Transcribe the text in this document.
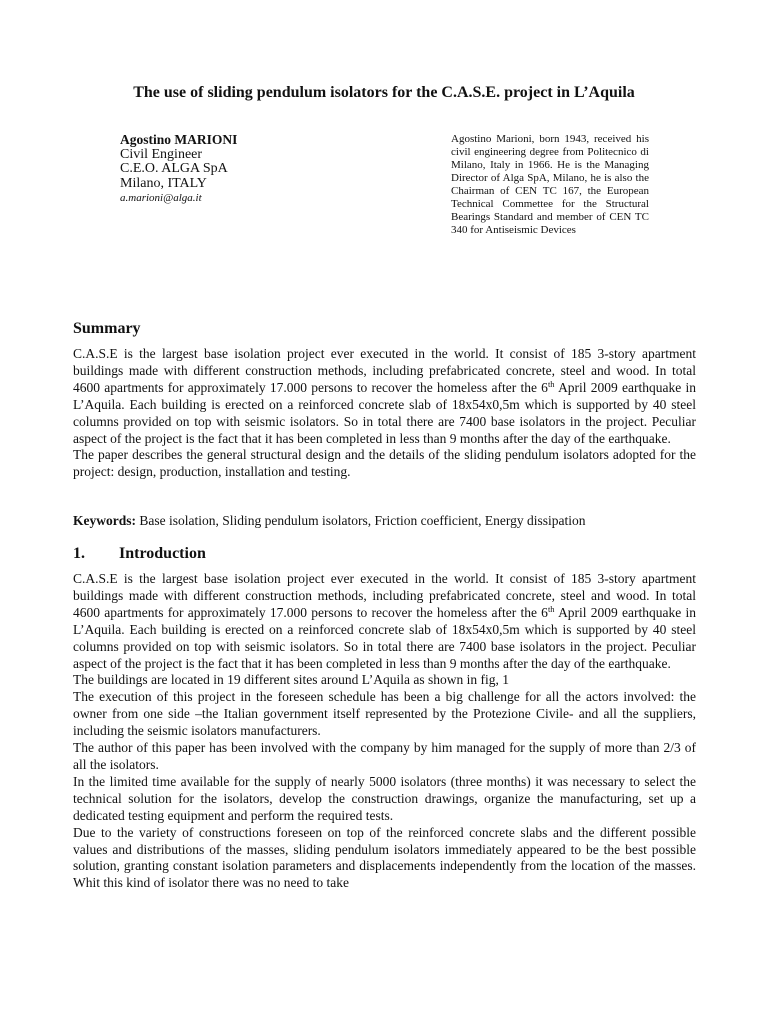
The use of sliding pendulum isolators for the C.A.S.E. project in L’Aquila
Agostino MARIONI
Civil Engineer
C.E.O. ALGA SpA
Milano, ITALY
a.marioni@alga.it
Agostino Marioni, born 1943, received his civil engineering degree from Politecnico di Milano, Italy in 1966. He is the Managing Director of Alga SpA, Milano, he is also the Chairman of CEN TC 167, the European Technical Commettee for the Structural Bearings Standard and member of CEN TC 340 for Antiseismic Devices
Summary

C.A.S.E is the largest base isolation project ever executed in the world. It consist of 185 3-story apartment buildings made with different construction methods, including prefabricated concrete, steel and wood. In total 4600 apartments for approximately 17.000 persons to recover the homeless after the 6th April 2009 earthquake in L’Aquila. Each building is erected on a reinforced concrete slab of 18x54x0,5m which is supported by 40 steel columns provided on top with seismic isolators. So in total there are 7400 base isolators in the project. Peculiar aspect of the project is the fact that it has been completed in less than 9 months after the day of the earthquake.

The paper describes the general structural design and the details of the sliding pendulum isolators adopted for the project: design, production, installation and testing.

Keywords: Base isolation, Sliding pendulum isolators, Friction coefficient, Energy dissipation
1. Introduction

C.A.S.E is the largest base isolation project ever executed in the world. It consist of 185 3-story apartment buildings made with different construction methods, including prefabricated concrete, steel and wood. In total 4600 apartments for approximately 17.000 persons to recover the homeless after the 6th April 2009 earthquake in L’Aquila. Each building is erected on a reinforced concrete slab of 18x54x0,5m which is supported by 40 steel columns provided on top with seismic isolators. So in total there are 7400 base isolators in the project. Peculiar aspect of the project is the fact that it has been completed in less than 9 months after the day of the earthquake.

The buildings are located in 19 different sites around L’Aquila as shown in fig, 1

The execution of this project in the foreseen schedule has been a big challenge for all the actors involved: the owner from one side –the Italian government itself represented by the Protezione Civile- and all the suppliers, including the seismic isolators manufacturers.

The author of this paper has been involved with the company by him managed for the supply of more than 2/3 of all the isolators.

In the limited time available for the supply of nearly 5000 isolators (three months) it was necessary to select the technical solution for the isolators, develop the construction drawings, organize the manufacturing, set up a dedicated testing equipment and perform the required tests.

Due to the variety of constructions foreseen on top of the reinforced concrete slabs and the different possible values and distributions of the masses, sliding pendulum isolators immediately appeared to be the best possible solution, granting constant isolation parameters and displacements independently from the location of the masses. Whit this kind of isolator there was no need to take
